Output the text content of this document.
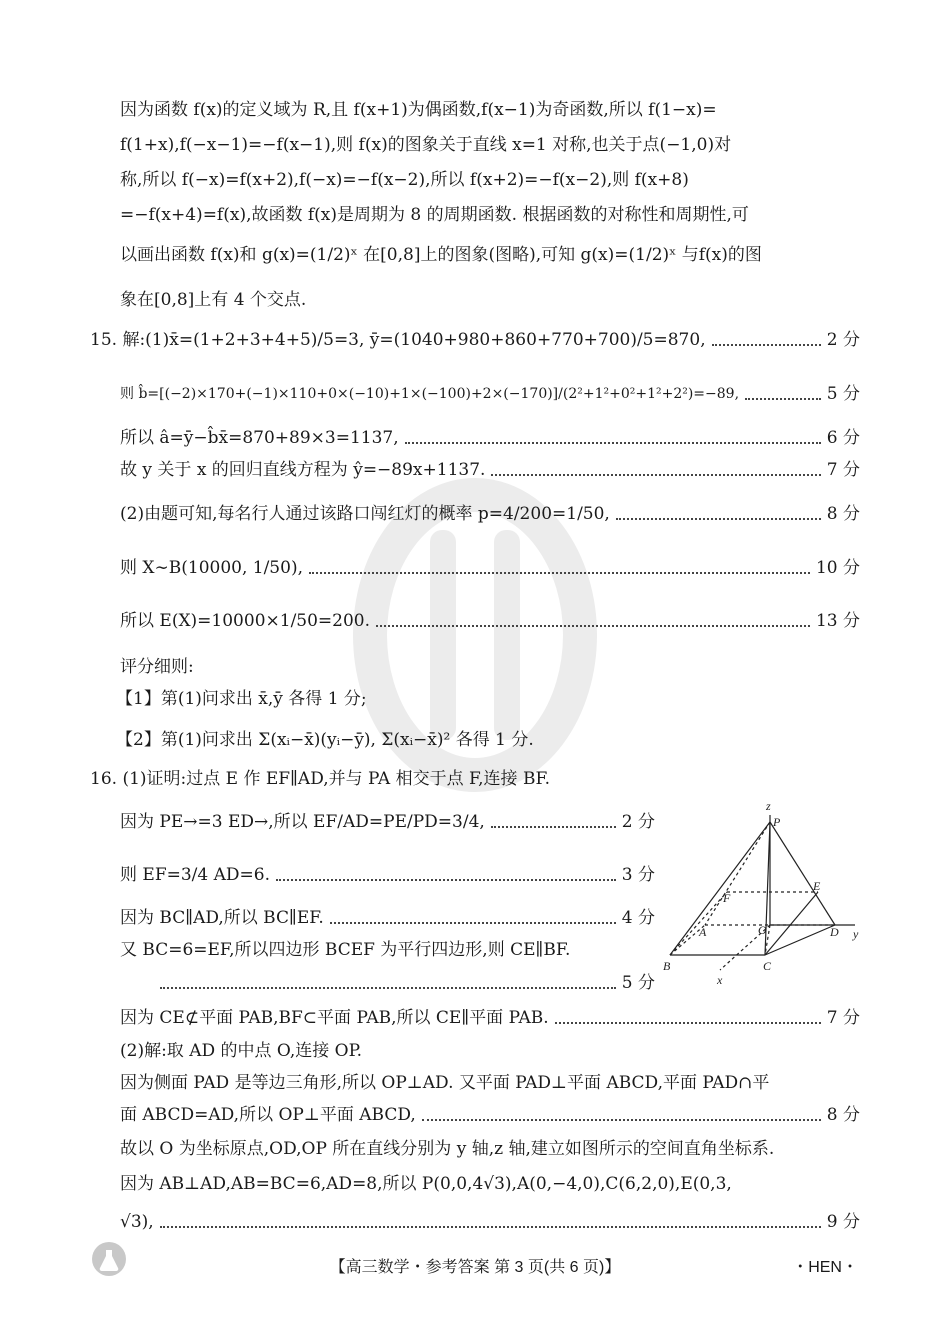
因为函数 f(x)的定义域为 R,且 f(x+1)为偶函数,f(x−1)为奇函数,所以 f(1−x)=
f(1+x),f(−x−1)=−f(x−1),则 f(x)的图象关于直线 x=1 对称,也关于点(−1,0)对
称,所以 f(−x)=f(x+2),f(−x)=−f(x−2),所以 f(x+2)=−f(x−2),则 f(x+8)
=−f(x+4)=f(x),故函数 f(x)是周期为 8 的周期函数. 根据函数的对称性和周期性,可
以画出函数 f(x)和 g(x)=(1/2)ˣ 在[0,8]上的图象(图略),可知 g(x)=(1/2)ˣ 与f(x)的图
象在[0,8]上有 4 个交点.
15. 解:(1)x̄=(1+2+3+4+5)/5=3, ȳ=(1040+980+860+770+700)/5=870,	2 分
则 b̂=[(−2)×170+(−1)×110+0×(−10)+1×(−100)+2×(−170)]/(2²+1²+0²+1²+2²)=−89,	5 分
所以 â=ȳ−b̂x̄=870+89×3=1137,	6 分
故 y 关于 x 的回归直线方程为 ŷ=−89x+1137.	7 分
(2)由题可知,每名行人通过该路口闯红灯的概率 p=4/200=1/50,	8 分
则 X∼B(10000, 1/50),	10 分
所以 E(X)=10000×1/50=200.	13 分
评分细则:
【1】第(1)问求出 x̄,ȳ 各得 1 分;
【2】第(1)问求出 Σ(xᵢ−x̄)(yᵢ−ȳ), Σ(xᵢ−x̄)² 各得 1 分.
16. (1)证明:过点 E 作 EF∥AD,并与 PA 相交于点 F,连接 BF.
因为 PE→=3 ED→,所以 EF/AD=PE/PD=3/4,	2 分
则 EF=3/4 AD=6.	3 分
因为 BC∥AD,所以 BC∥EF.	4 分
又 BC=6=EF,所以四边形 BCEF 为平行四边形,则 CE∥BF.
5 分
因为 CE⊄平面 PAB,BF⊂平面 PAB,所以 CE∥平面 PAB.	7 分
(2)解:取 AD 的中点 O,连接 OP.
因为侧面 PAD 是等边三角形,所以 OP⊥AD. 又平面 PAD⊥平面 ABCD,平面 PAD∩平
面 ABCD=AD,所以 OP⊥平面 ABCD,	8 分
故以 O 为坐标原点,OD,OP 所在直线分别为 y 轴,z 轴,建立如图所示的空间直角坐标系.
因为 AB⊥AD,AB=BC=6,AD=8,所以 P(0,0,4√3),A(0,−4,0),C(6,2,0),E(0,3,
√3),	9 分
P
z
E
F
A	O	D y
B	C
x
【高三数学・参考答案 第 3 页(共 6 页)】	・HEN・
